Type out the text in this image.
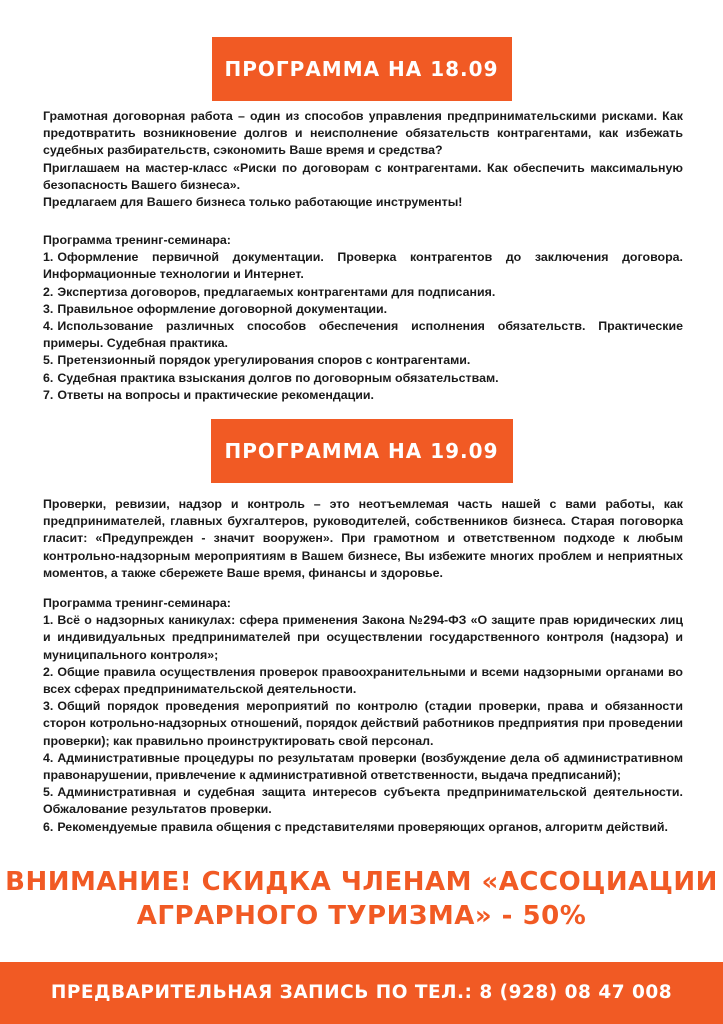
ПРОГРАММА НА 18.09

Грамотная договорная работа – один из способов управления предпринимательскими рисками. Как предотвратить возникновение долгов и неисполнение обязательств контрагентами, как избежать судебных разбирательств, сэкономить Ваше время и средства?

Приглашаем на мастер-класс «Риски по договорам с контрагентами. Как обеспечить максимальную безопасность Вашего бизнеса».

Предлагаем для Вашего бизнеса только работающие инструменты!

Программа тренинг-семинара:

1. Оформление первичной документации. Проверка контрагентов до заключения договора. Информационные технологии и Интернет.
2. Экспертиза договоров, предлагаемых контрагентами для подписания.
3. Правильное оформление договорной документации.
4. Использование различных способов обеспечения исполнения обязательств. Практические примеры. Судебная практика.
5. Претензионный порядок урегулирования споров с контрагентами.
6. Судебная практика взыскания долгов по договорным обязательствам.
7. Ответы на вопросы и практические рекомендации.
ПРОГРАММА НА 19.09

Проверки, ревизии, надзор и контроль – это неотъемлемая часть нашей с вами работы, как предпринимателей, главных бухгалтеров, руководителей, собственников бизнеса. Старая поговорка гласит: «Предупрежден - значит вооружен». При грамотном и ответственном подходе к любым контрольно-надзорным мероприятиям в Вашем бизнесе, Вы избежите многих проблем и неприятных моментов, а также сбережете Ваше время, финансы и здоровье.

Программа тренинг-семинара:

1. Всё о надзорных каникулах: сфера применения Закона №294-ФЗ «О защите прав юридических лиц и индивидуальных предпринимателей при осуществлении государственного контроля (надзора) и муниципального контроля»;
2. Общие правила осуществления проверок правоохранительными и всеми надзорными органами во всех сферах предпринимательской деятельности.
3. Общий порядок проведения мероприятий по контролю (стадии проверки, права и обязанности сторон котрольно-надзорных отношений, порядок действий работников предприятия при проведении проверки); как правильно проинструктировать свой персонал.
4. Административные процедуры по результатам проверки (возбуждение дела об административном правонарушении, привлечение к административной ответственности, выдача предписаний);
5. Административная и судебная защита интересов субъекта предпринимательской деятельности. Обжалование результатов проверки.
6. Рекомендуемые правила общения с представителями проверяющих органов, алгоритм действий.
ВНИМАНИЕ! СКИДКА ЧЛЕНАМ «АССОЦИАЦИИ
АГРАРНОГО ТУРИЗМА» - 50%
ПРЕДВАРИТЕЛЬНАЯ ЗАПИСЬ ПО ТЕЛ.: 8 (928) 08 47 008
